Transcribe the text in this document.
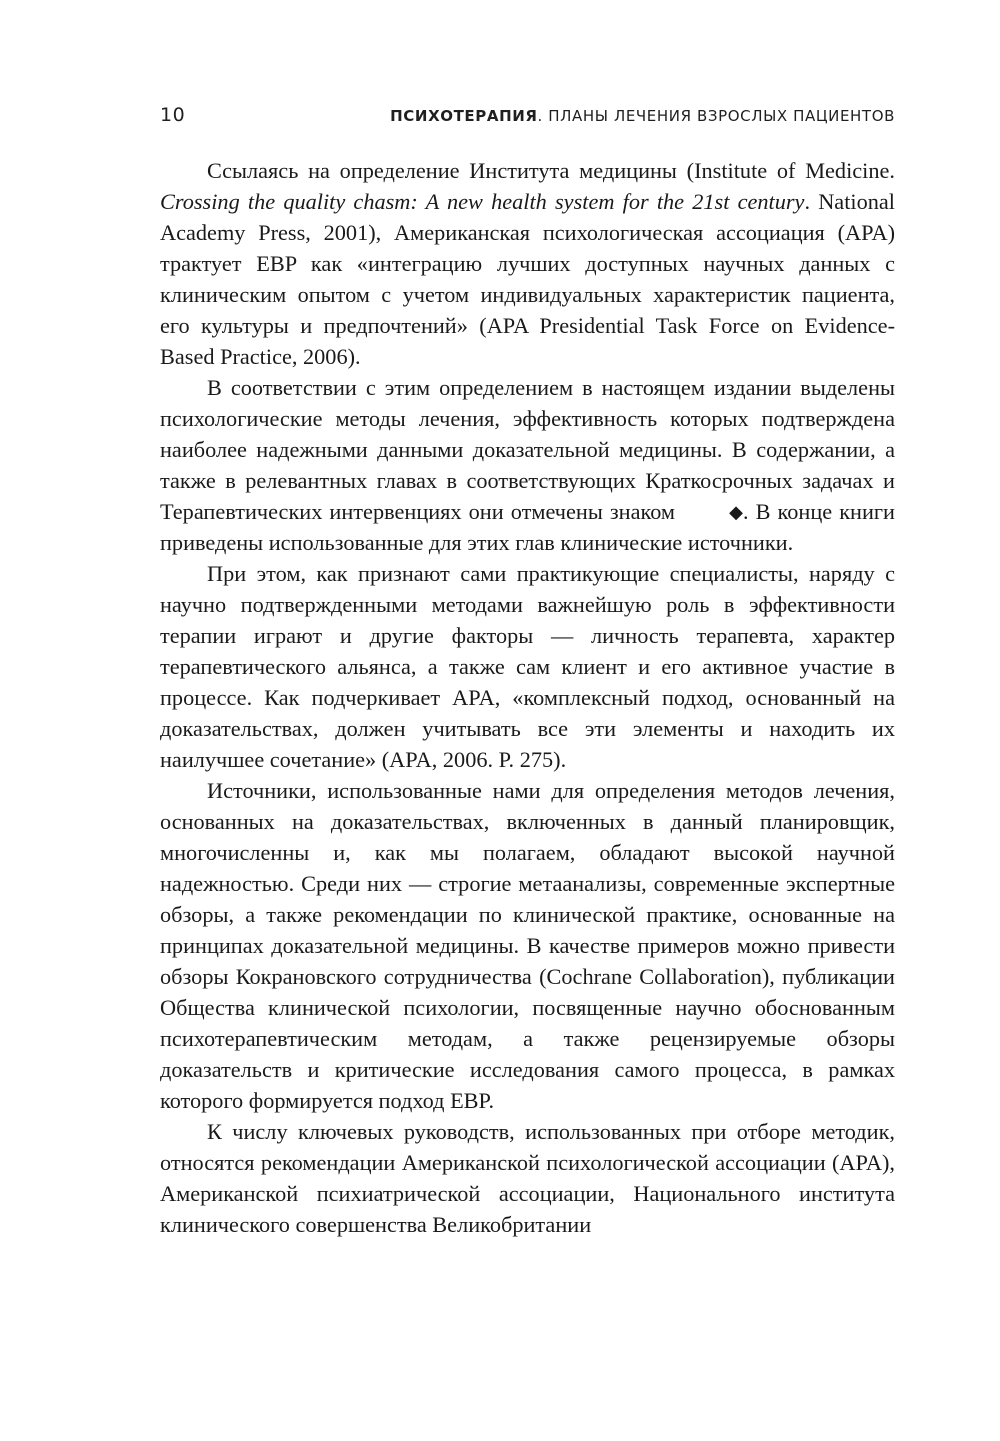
10	ПСИХОТЕРАПИЯ. ПЛАНЫ ЛЕЧЕНИЯ ВЗРОСЛЫХ ПАЦИЕНТОВ

Ссылаясь на определение Института медицины (Institute of Medicine. Crossing the quality chasm: A new health system for the 21st century. National Academy Press, 2001), Американская психологическая ассоциация (APA) трактует EBP как «интеграцию лучших доступных научных данных с клиническим опытом с учетом индивидуальных характеристик пациента, его культуры и предпочтений» (APA Presidential Task Force on Evidence-Based Practice, 2006).

В соответствии с этим определением в настоящем издании выделены психологические методы лечения, эффективность которых подтверждена наиболее надежными данными доказательной медицины. В содержании, а также в релевантных главах в соответствующих Краткосрочных задачах и Терапевтических интервенциях они отмечены знаком	◆. В конце книги приведены использованные для этих глав клинические источники.

При этом, как признают сами практикующие специалисты, наряду с научно подтвержденными методами важнейшую роль в эффективности терапии играют и другие факторы — личность терапевта, характер терапевтического альянса, а также сам клиент и его активное участие в процессе. Как подчеркивает APA, «комплексный подход, основанный на доказательствах, должен учитывать все эти элементы и находить их наилучшее сочетание» (APA, 2006. P. 275).

Источники, использованные нами для определения методов лечения, основанных на доказательствах, включенных в данный планировщик, многочисленны и, как мы полагаем, обладают высокой научной надежностью. Среди них — строгие метаанализы, современные экспертные обзоры, а также рекомендации по клинической практике, основанные на принципах доказательной медицины. В качестве примеров можно привести обзоры Кокрановского сотрудничества (Cochrane Collaboration), публикации Общества клинической психологии, посвященные научно обоснованным психотерапевтическим методам, а также рецензируемые обзоры доказательств и критические исследования самого процесса, в рамках которого формируется подход EBP.

К числу ключевых руководств, использованных при отборе методик, относятся рекомендации Американской психологической ассоциации (APA), Американской психиатрической ассоциации, Национального института клинического совершенства Великобритании
